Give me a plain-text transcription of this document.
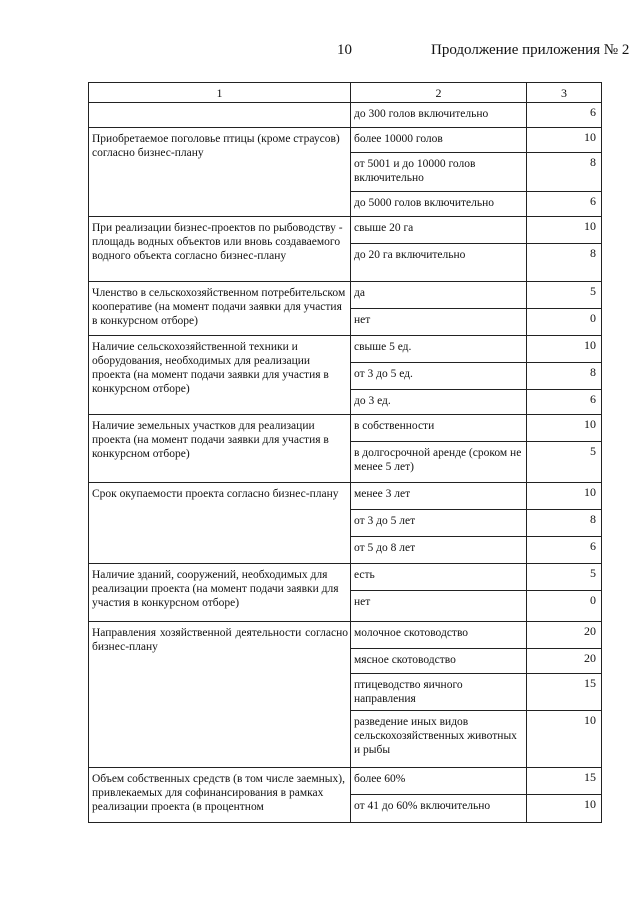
10	Продолжение приложения № 2
1	2	3
	до 300 голов включительно	6
Приобретаемое поголовье птицы (кроме страусов) согласно бизнес-плану	более 10000 голов	10
	от 5001 и до 10000 голов включительно	8
	до 5000 голов включительно	6
При реализации бизнес-проектов по рыбоводству - площадь водных объектов или вновь создаваемого водного объекта согласно бизнес-плану	свыше 20 га	10
	до 20 га включительно	8
Членство в сельскохозяйственном потребительском кооперативе (на момент подачи заявки для участия в конкурсном отборе)	да	5
	нет	0
Наличие сельскохозяйственной техники и оборудования, необходимых для реализации проекта (на момент подачи заявки для участия в конкурсном отборе)	свыше 5 ед.	10
	от 3 до 5 ед.	8
	до 3 ед.	6
Наличие земельных участков для реализации проекта (на момент подачи заявки для участия в конкурсном отборе)	в собственности	10
	в долгосрочной аренде (сроком не менее 5 лет)	5
Срок окупаемости проекта согласно бизнес-плану	менее 3 лет	10
	от 3 до 5 лет	8
	от 5 до 8 лет	6
Наличие зданий, сооружений, необходимых для реализации проекта (на момент подачи заявки для участия в конкурсном отборе)	есть	5
	нет	0
Направления хозяйственной деятельности согласно бизнес-плану	молочное скотоводство	20
	мясное скотоводство	20
	птицеводство яичного направления	15
	разведение иных видов сельскохозяйственных животных и рыбы	10
Объем собственных средств (в том числе заемных), привлекаемых для софинансирования в рамках реализации проекта (в процентном	более 60%	15
	от 41 до 60% включительно	10
